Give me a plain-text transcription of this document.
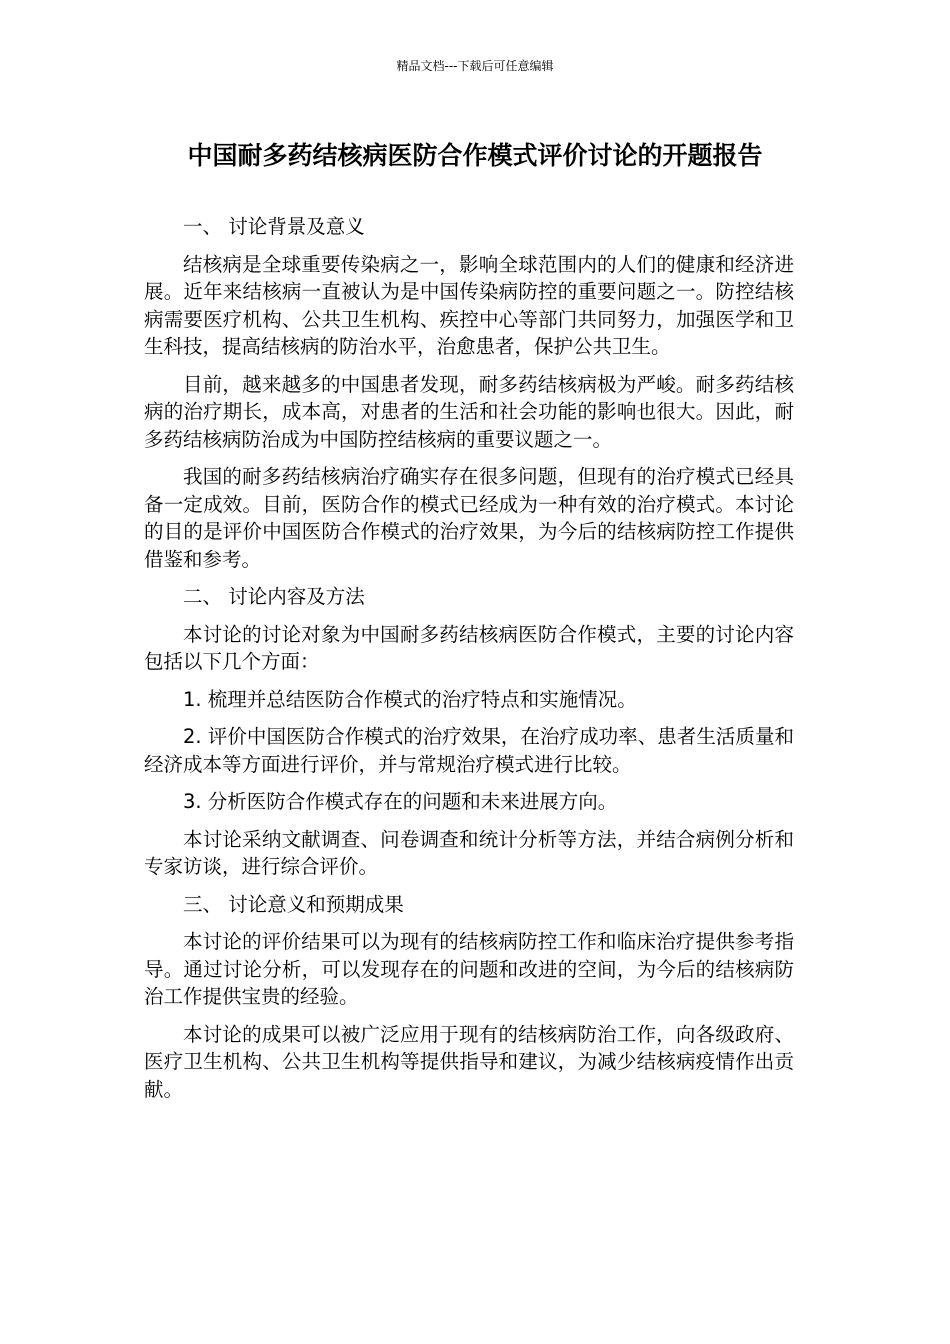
精品文档---下载后可任意编辑
中国耐多药结核病医防合作模式评价讨论的开题报告

一、 讨论背景及意义

结核病是全球重要传染病之一，影响全球范围内的人们的健康和经济进展。近年来结核病一直被认为是中国传染病防控的重要问题之一。防控结核病需要医疗机构、公共卫生机构、疾控中心等部门共同努力，加强医学和卫生科技，提高结核病的防治水平，治愈患者，保护公共卫生。

目前，越来越多的中国患者发现，耐多药结核病极为严峻。耐多药结核病的治疗期长，成本高，对患者的生活和社会功能的影响也很大。因此，耐多药结核病防治成为中国防控结核病的重要议题之一。

我国的耐多药结核病治疗确实存在很多问题，但现有的治疗模式已经具备一定成效。目前，医防合作的模式已经成为一种有效的治疗模式。本讨论的目的是评价中国医防合作模式的治疗效果，为今后的结核病防控工作提供借鉴和参考。

二、 讨论内容及方法

本讨论的讨论对象为中国耐多药结核病医防合作模式，主要的讨论内容包括以下几个方面：

1. 梳理并总结医防合作模式的治疗特点和实施情况。

2. 评价中国医防合作模式的治疗效果，在治疗成功率、患者生活质量和经济成本等方面进行评价，并与常规治疗模式进行比较。

3. 分析医防合作模式存在的问题和未来进展方向。

本讨论采纳文献调查、问卷调查和统计分析等方法，并结合病例分析和专家访谈，进行综合评价。

三、 讨论意义和预期成果

本讨论的评价结果可以为现有的结核病防控工作和临床治疗提供参考指导。通过讨论分析，可以发现存在的问题和改进的空间，为今后的结核病防治工作提供宝贵的经验。

本讨论的成果可以被广泛应用于现有的结核病防治工作，向各级政府、医疗卫生机构、公共卫生机构等提供指导和建议，为减少结核病疫情作出贡献。
